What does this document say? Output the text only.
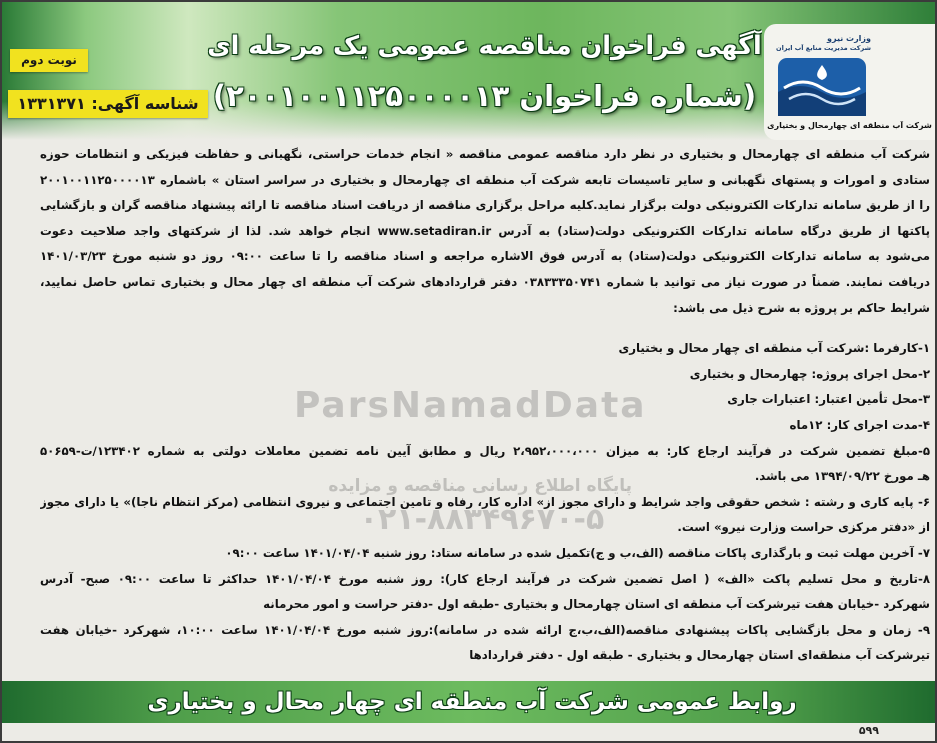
آگهی فراخوان مناقصه عمومی یک مرحله ای
(شماره فراخوان ۲۰۰۱۰۰۱۱۲۵۰۰۰۰۱۳)
نوبت دوم
شناسه آگهی: ۱۳۳۱۳۷۱
وزارت نیرو
شرکت مدیریت منابع آب ایران
شرکت آب منطقه ای چهارمحال و بختیاری
ParsNamadData
پایگاه اطلاع رسانی مناقصه و مزایده
۰۲۱-۸۸۳۴۹۶۷۰-۵
شرکت آب منطقه ای چهارمحال و بختیاری در نظر دارد مناقصه عمومی مناقصه « انجام خدمات حراستی، نگهبانی و حفاظت فیزیکی و انتظامات حوزه
ستادی و امورات و پستهای نگهبانی و سایر تاسیسات تابعه شرکت آب منطقه ای چهارمحال و بختیاری در سراسر استان » باشماره ۲۰۰۱۰۰۱۱۲۵۰۰۰۰۱۳
را از طریق سامانه تدارکات الکترونیکی دولت برگزار نماید.کلیه مراحل برگزاری مناقصه از دریافت اسناد مناقصه تا ارائه پیشنهاد مناقصه گران و بازگشایی
پاکتها از طریق درگاه سامانه تدارکات الکترونیکی دولت(ستاد) به آدرس www.setadiran.ir انجام خواهد شد. لذا از شرکتهای واجد صلاحیت دعوت
می‌شود به سامانه تدارکات الکترونیکی دولت(ستاد) به آدرس فوق الاشاره مراجعه و اسناد مناقصه را تا ساعت ۰۹:۰۰ روز دو شنبه مورخ ۱۴۰۱/۰۳/۲۳
دریافت نمایند. ضمناً در صورت نیاز می توانید با شماره ۰۳۸۳۳۳۵۰۷۴۱ دفتر قراردادهای شرکت آب منطقه ای چهار محال و بختیاری تماس حاصل نمایید،
شرایط حاکم بر پروژه به شرح ذیل می باشد:
۱-کارفرما :شرکت آب منطقه ای چهار محال و بختیاری
۲-محل اجرای پروژه: چهارمحال و بختیاری
۳-محل تأمین اعتبار: اعتبارات جاری
۴-مدت اجرای کار: ۱۲ماه
۵-مبلغ تضمین شرکت در فرآیند ارجاع کار: به میزان ۲،۹۵۲،۰۰۰،۰۰۰ ریال و مطابق آیین نامه تضمین معاملات دولتی به شماره ۱۲۳۴۰۲/ت-۵۰۶۵۹
هـ مورخ ۱۳۹۴/۰۹/۲۲ می باشد.
۶- پایه کاری و رشته : شخص حقوقی واجد شرایط و دارای مجوز از» اداره کار، رفاه و تامین اجتماعی و نیروی انتظامی (مرکز انتظام ناجا)» یا دارای مجوز
از «دفتر مرکزی حراست وزارت نیرو» است.
۷- آخرین مهلت ثبت و بارگذاری پاکات مناقصه (الف،ب و ج)تکمیل شده در سامانه ستاد: روز شنبه ۱۴۰۱/۰۴/۰۴ ساعت ۰۹:۰۰
۸-تاریخ و محل تسلیم پاکت «الف» ( اصل تضمین شرکت در فرآیند ارجاع کار): روز شنبه مورخ ۱۴۰۱/۰۴/۰۴ حداکثر تا ساعت ۰۹:۰۰ صبح- آدرس
شهرکرد -خیابان هفت تیرشرکت آب منطقه ای استان چهارمحال و بختیاری -طبقه اول -دفتر حراست و امور محرمانه
۹- زمان و محل بازگشایی پاکات پیشنهادی مناقصه(الف،ب،ج ارائه شده در سامانه):روز شنبه مورخ ۱۴۰۱/۰۴/۰۴ ساعت ۱۰:۰۰، شهرکرد -خیابان هفت
تیرشرکت آب منطقه‌ای استان چهارمحال و بختیاری - طبقه اول - دفتر قراردادها
روابط عمومی شرکت آب منطقه ای چهار محال و بختیاری
۵۹۹
